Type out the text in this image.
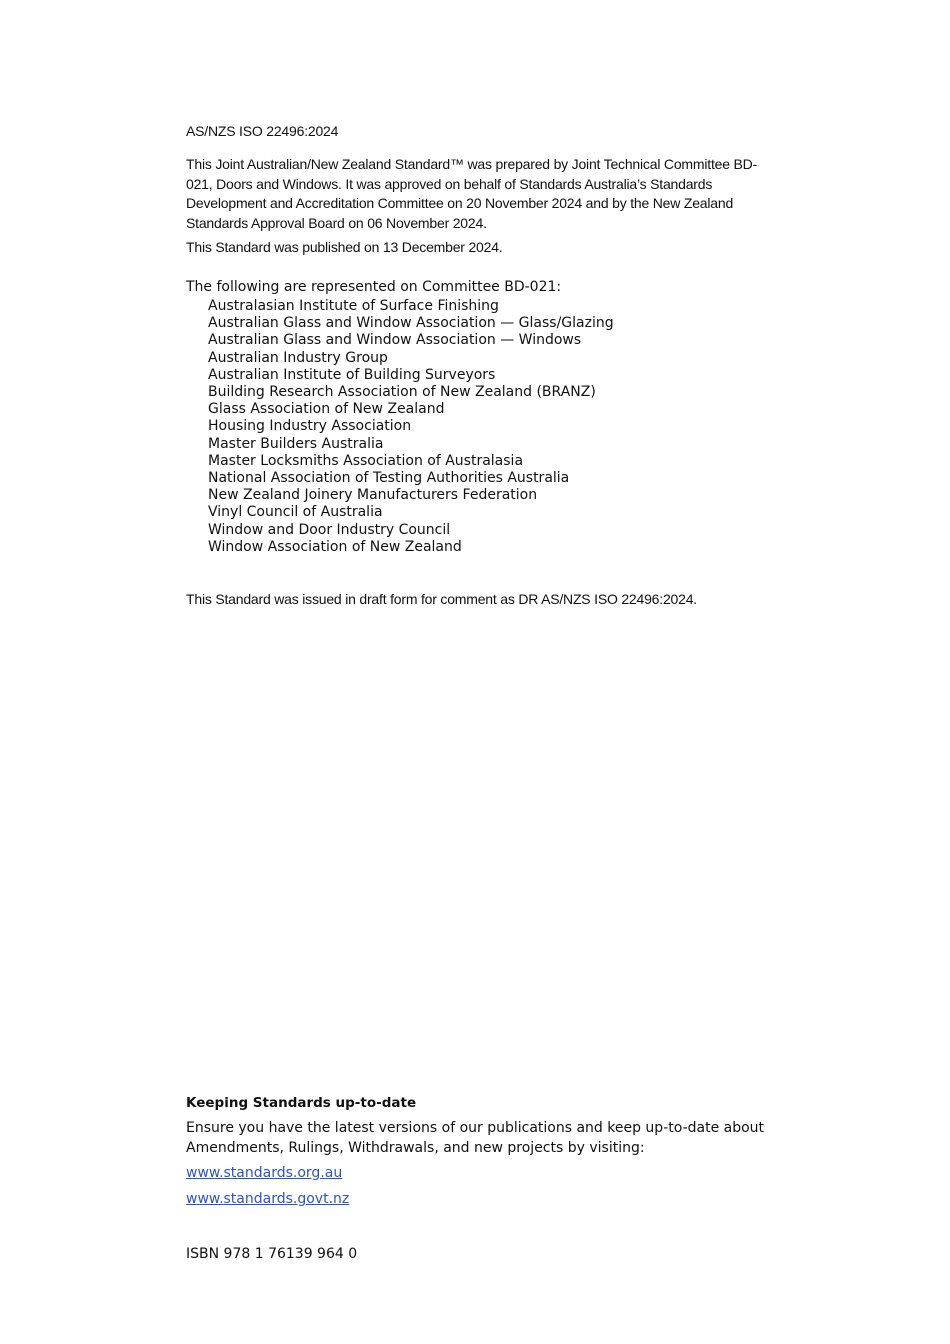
AS/NZS ISO 22496:2024

This Joint Australian/New Zealand Standard™ was prepared by Joint Technical Committee BD-021, Doors and Windows. It was approved on behalf of Standards Australia’s Standards Development and Accreditation Committee on 20 November 2024 and by the New Zealand Standards Approval Board on 06 November 2024.

This Standard was published on 13 December 2024.

The following are represented on Committee BD-021:

Australasian Institute of Surface Finishing
Australian Glass and Window Association — Glass/Glazing
Australian Glass and Window Association — Windows
Australian Industry Group
Australian Institute of Building Surveyors
Building Research Association of New Zealand (BRANZ)
Glass Association of New Zealand
Housing Industry Association
Master Builders Australia
Master Locksmiths Association of Australasia
National Association of Testing Authorities Australia
New Zealand Joinery Manufacturers Federation
Vinyl Council of Australia
Window and Door Industry Council
Window Association of New Zealand

This Standard was issued in draft form for comment as DR AS/NZS ISO 22496:2024.

Keeping Standards up-to-date

Ensure you have the latest versions of our publications and keep up-to-date about Amendments, Rulings, Withdrawals, and new projects by visiting:

www.standards.org.au
www.standards.govt.nz

ISBN 978 1 76139 964 0
